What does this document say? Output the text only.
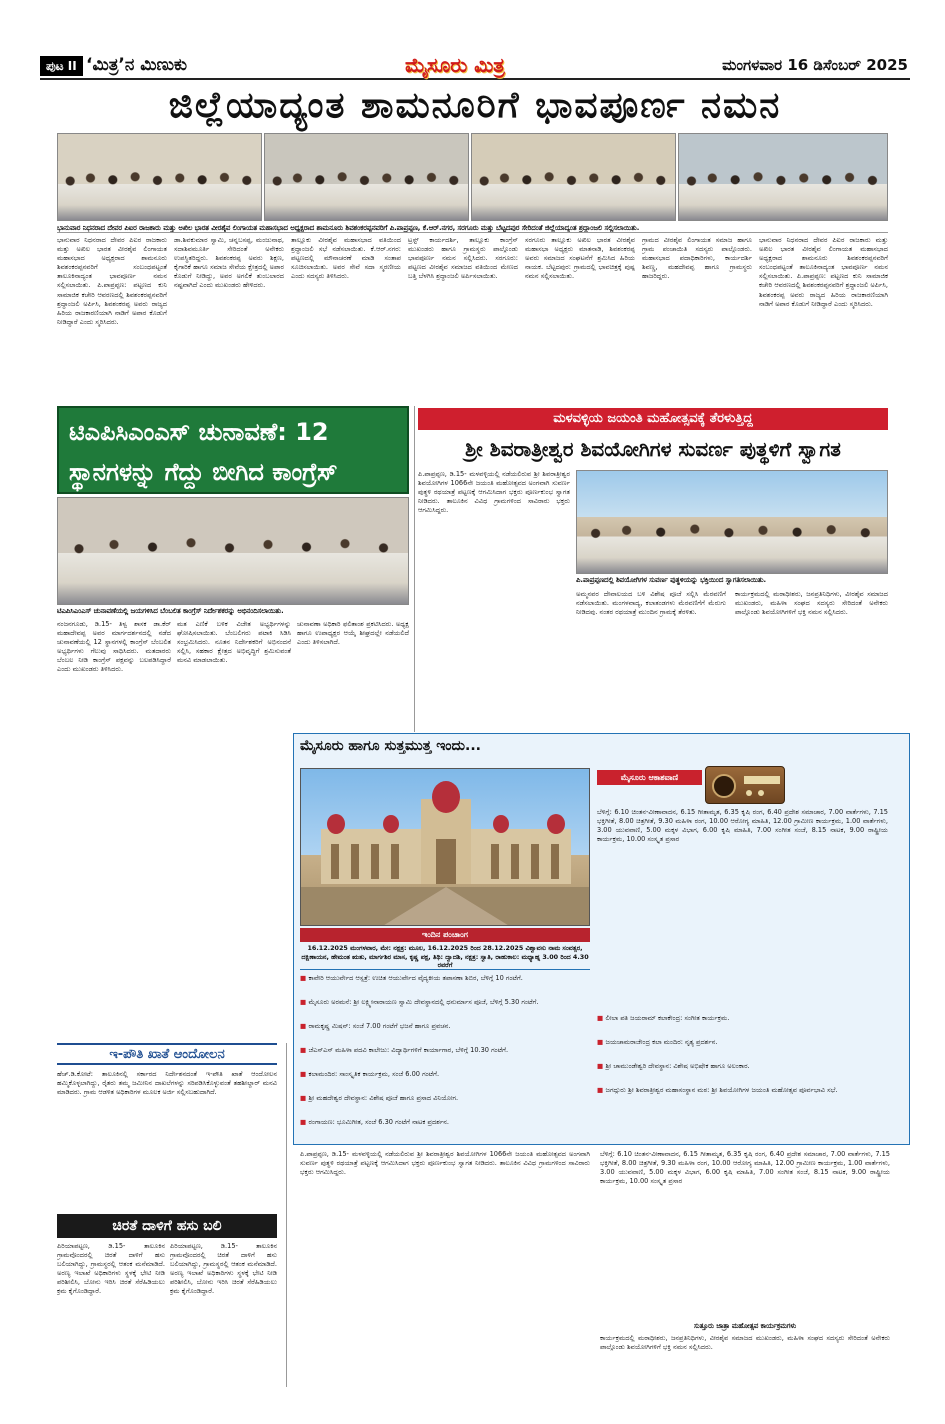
ಪುಟ II ‘ಮಿತ್ರ’ನ ಮಿಣುಕು	ಮೈಸೂರು ಮಿತ್ರ	ಮಂಗಳವಾರ 16 ಡಿಸೆಂಬರ್ 2025
ಜಿಲ್ಲೆಯಾದ್ಯಂತ ಶಾಮನೂರಿಗೆ ಭಾವಪೂರ್ಣ ನಮನ
ಭಾನುವಾರ ನಿಧನರಾದ ದೇವರ ಪಿಐರ ರಾಜಕಾರು ಮತ್ತು ಅಖಿಲ ಭಾರತ ವೀರಶೈವ ಲಿಂಗಾಯತ ಮಹಾಸಭಾದ ಅಧ್ಯಕ್ಷರಾದ ಶಾಮನೂರು ಶಿವಶಂಕರಪ್ಪನವರಿಗೆ ಪಿ.ಪಾಪ್ರಪ್ಪಣ, ಕೆ.ಆರ್.ನಗರ, ಸರಗೂರು ಮತ್ತು ಬೆಟ್ಟದಪುರ ಸೇರಿದಂತೆ ಜಿಲ್ಲೆಯಾದ್ಯಂತ ಶ್ರದ್ಧಾಂಜಲಿ ಸಲ್ಲಿಸಲಾಯಿತು.
ಭಾನುವಾರ ನಿಧನರಾದ ದೇವರ ಪಿಐರ ರಾಜಕಾರು ಮತ್ತು ಅಖಿಲ ಭಾರತ ವೀರಶೈವ ಲಿಂಗಾಯತ ಮಹಾಸಭಾದ ಅಧ್ಯಕ್ಷರಾದ ಶಾಮನೂರು ಶಿವಶಂಕರಪ್ಪನವರಿಗೆ ಸಂಬಂಧಪಟ್ಟಂತೆ ತಾಲೂಕಿನಾದ್ಯಂತ ಭಾವಪೂರ್ಣ ನಮನ ಸಲ್ಲಿಸಲಾಯಿತು. ಪಿ.ಪಾಪ್ರಪ್ಪಣ: ಪಟ್ಟಣದ ಕುನಿ ಸಾಮಾಜಿಕ ಕಚೇರಿ ಆವರಣದಲ್ಲಿ ಶಿವಶಂಕರಪ್ಪನವರಿಗೆ ಶ್ರದ್ಧಾಂಜಲಿ ಅರ್ಪಿಸಿ, ಶಿವಶಂಕರಪ್ಪ ಅವರು ರಾಜ್ಯದ ಹಿರಿಯ ರಾಜಕಾರಣಿಯಾಗಿ ನಾಡಿಗೆ ಅಪಾರ ಕೊಡುಗೆ ನೀಡಿದ್ದಾರೆ ಎಂದು ಸ್ಮರಿಸಿದರು.
ಡಾ.ಶಿವಕುಮಾರ ಸ್ವಾಮಿ, ಚನ್ನಬಸಪ್ಪ, ಮಂಜುನಾಥ, ಸದಾಶಿವಮೂರ್ತಿ ಸೇರಿದಂತೆ ಅನೇಕರು ಉಪಸ್ಥಿತರಿದ್ದರು. ಶಿವಶಂಕರಪ್ಪ ಅವರು ಶಿಕ್ಷಣ, ಕೈಗಾರಿಕೆ ಹಾಗೂ ಸಮಾಜ ಸೇವೆಯ ಕ್ಷೇತ್ರದಲ್ಲಿ ಅಪಾರ ಕೊಡುಗೆ ನೀಡಿದ್ದು, ಅವರ ಅಗಲಿಕೆ ತುಂಬಲಾರದ ನಷ್ಟವಾಗಿದೆ ಎಂದು ಮುಖಂಡರು ಹೇಳಿದರು.
ತಾಲ್ಲೂಕು ವೀರಶೈವ ಮಹಾಸಭಾದ ವತಿಯಿಂದ ಶ್ರದ್ಧಾಂಜಲಿ ಸಭೆ ನಡೆಸಲಾಯಿತು. ಕೆ.ಆರ್.ನಗರ: ಪಟ್ಟಣದಲ್ಲಿ ಮೌನಾಚರಣೆ ಮಾಡಿ ಸಂತಾಪ ಸೂಚಿಸಲಾಯಿತು. ಅವರ ಸೇವೆ ಸದಾ ಸ್ಮರಣೀಯ ಎಂದು ಸದಸ್ಯರು ತಿಳಿಸಿದರು.
ಟ್ರಸ್ಟ್ ಕಾರ್ಯದರ್ಶಿ, ತಾಲ್ಲೂಕು ಕಾಂಗ್ರೆಸ್ ಮುಖಂಡರು ಹಾಗೂ ಗ್ರಾಮಸ್ಥರು ಪಾಲ್ಗೊಂಡು ಭಾವಪೂರ್ಣ ನಮನ ಸಲ್ಲಿಸಿದರು. ಸರಗೂರು: ಪಟ್ಟಣದ ವೀರಶೈವ ಸಮಾಜದ ವತಿಯಿಂದ ಮೇಣದ ಬತ್ತಿ ಬೆಳಗಿಸಿ ಶ್ರದ್ಧಾಂಜಲಿ ಅರ್ಪಿಸಲಾಯಿತು.
ಸರಗೂರು ತಾಲ್ಲೂಕು ಅಖಿಲ ಭಾರತ ವೀರಶೈವ ಮಹಾಸಭಾ ಅಧ್ಯಕ್ಷರು ಮಾತನಾಡಿ, ಶಿವಶಂಕರಪ್ಪ ಅವರು ಸಮಾಜದ ಸಂಘಟನೆಗೆ ಶ್ರಮಿಸಿದ ಹಿರಿಯ ನಾಯಕ. ಬೆಟ್ಟದಪುರ: ಗ್ರಾಮದಲ್ಲಿ ಭಾವಚಿತ್ರಕ್ಕೆ ಪುಷ್ಪ ನಮನ ಸಲ್ಲಿಸಲಾಯಿತು.
ಗ್ರಾಮದ ವೀರಶೈವ ಲಿಂಗಾಯತ ಸಮಾಜ ಹಾಗೂ ಗ್ರಾಮ ಪಂಚಾಯಿತಿ ಸದಸ್ಯರು ಪಾಲ್ಗೊಂಡರು. ಮಹಾಸಭಾದ ಪದಾಧಿಕಾರಿಗಳು, ಕಾರ್ಯದರ್ಶಿ ಶಿವಣ್ಣ, ಮಹದೇವಪ್ಪ ಹಾಗೂ ಗ್ರಾಮಸ್ಥರು ಹಾಜರಿದ್ದರು.
ಭಾನುವಾರ ನಿಧನರಾದ ದೇವರ ಪಿಐರ ರಾಜಕಾರು ಮತ್ತು ಅಖಿಲ ಭಾರತ ವೀರಶೈವ ಲಿಂಗಾಯತ ಮಹಾಸಭಾದ ಅಧ್ಯಕ್ಷರಾದ ಶಾಮನೂರು ಶಿವಶಂಕರಪ್ಪನವರಿಗೆ ಸಂಬಂಧಪಟ್ಟಂತೆ ತಾಲೂಕಿನಾದ್ಯಂತ ಭಾವಪೂರ್ಣ ನಮನ ಸಲ್ಲಿಸಲಾಯಿತು. ಪಿ.ಪಾಪ್ರಪ್ಪಣ: ಪಟ್ಟಣದ ಕುನಿ ಸಾಮಾಜಿಕ ಕಚೇರಿ ಆವರಣದಲ್ಲಿ ಶಿವಶಂಕರಪ್ಪನವರಿಗೆ ಶ್ರದ್ಧಾಂಜಲಿ ಅರ್ಪಿಸಿ, ಶಿವಶಂಕರಪ್ಪ ಅವರು ರಾಜ್ಯದ ಹಿರಿಯ ರಾಜಕಾರಣಿಯಾಗಿ ನಾಡಿಗೆ ಅಪಾರ ಕೊಡುಗೆ ನೀಡಿದ್ದಾರೆ ಎಂದು ಸ್ಮರಿಸಿದರು.
ಟಿಎಪಿಸಿಎಂಎಸ್ ಚುನಾವಣೆ: 12 ಸ್ಥಾನಗಳನ್ನು ಗೆದ್ದು ಬೀಗಿದ ಕಾಂಗ್ರೆಸ್
ಟಿಎಪಿಸಿಎಂಎಸ್ ಚುನಾವಣೆಯಲ್ಲಿ ಜಯಗಳಿಸಿದ ಬೆಂಬಲಿತ ಕಾಂಗ್ರೆಸ್ ನಿರ್ದೇಶಕರನ್ನು ಅಭಿನಂದಿಸಲಾಯಿತು.
ನಂಜನಗೂಡು, ಡಿ.15- ತಿಳ್ವ ಶಾಸಕ ಡಾ.ಕೆರ್ ಮಹಾದೇವಪ್ಪ ಅವರ ಮಾರ್ಗದರ್ಶನದಲ್ಲಿ ನಡೆದ ಚುನಾವಣೆಯಲ್ಲಿ 12 ಸ್ಥಾನಗಳಲ್ಲಿ ಕಾಂಗ್ರೆಸ್ ಬೆಂಬಲಿತ ಅಭ್ಯರ್ಥಿಗಳು ಗೆಲುವು ಸಾಧಿಸಿದರು. ಮತದಾರರು ಬೆಂಬಲ ನೀಡಿ ಕಾಂಗ್ರೆಸ್ ಪಕ್ಷವನ್ನು ಬಲಪಡಿಸಿದ್ದಾರೆ ಎಂದು ಮುಖಂಡರು ತಿಳಿಸಿದರು.
ಮತ ಎಣಿಕೆ ಬಳಿಕ ವಿಜೇತ ಅಭ್ಯರ್ಥಿಗಳನ್ನು ಘೋಷಿಸಲಾಯಿತು. ಬೆಂಬಲಿಗರು ಪಟಾಕಿ ಸಿಡಿಸಿ ಸಂಭ್ರಮಿಸಿದರು. ನೂತನ ನಿರ್ದೇಶಕರಿಗೆ ಅಭಿನಂದನೆ ಸಲ್ಲಿಸಿ, ಸಹಕಾರ ಕ್ಷೇತ್ರದ ಅಭಿವೃದ್ಧಿಗೆ ಶ್ರಮಿಸುವಂತೆ ಮನವಿ ಮಾಡಲಾಯಿತು.
ಚುನಾವಣಾ ಅಧಿಕಾರಿ ಫಲಿತಾಂಶ ಪ್ರಕಟಿಸಿದರು. ಅಧ್ಯಕ್ಷ ಹಾಗೂ ಉಪಾಧ್ಯಕ್ಷರ ಆಯ್ಕೆ ಶೀಘ್ರದಲ್ಲೇ ನಡೆಯಲಿದೆ ಎಂದು ತಿಳಿಸಲಾಗಿದೆ.
ಇ-ಪೌತಿ ಖಾತೆ ಆಂದೋಲನ
ಹೆಚ್.ಡಿ.ಕೋಟೆ: ತಾಲೂಕಿನಲ್ಲಿ ಸರ್ಕಾರದ ನಿರ್ದೇಶನದಂತೆ ಇ-ಪೌತಿ ಖಾತೆ ಆಂದೋಲನ ಹಮ್ಮಿಕೊಳ್ಳಲಾಗಿದ್ದು, ರೈತರು ತಮ್ಮ ಜಮೀನಿನ ದಾಖಲೆಗಳನ್ನು ಸರಿಪಡಿಸಿಕೊಳ್ಳುವಂತೆ ತಹಶೀಲ್ದಾರ್ ಮನವಿ ಮಾಡಿದರು. ಗ್ರಾಮ ಆಡಳಿತ ಅಧಿಕಾರಿಗಳ ಮೂಲಕ ಅರ್ಜಿ ಸಲ್ಲಿಸಬಹುದಾಗಿದೆ.
ಚಿರತೆ ದಾಳಿಗೆ ಹಸು ಬಲಿ
ಪಿರಿಯಾಪಟ್ಟಣ, ಡಿ.15- ತಾಲೂಕಿನ ಗ್ರಾಮವೊಂದರಲ್ಲಿ ಚಿರತೆ ದಾಳಿಗೆ ಹಸು ಬಲಿಯಾಗಿದ್ದು, ಗ್ರಾಮಸ್ಥರಲ್ಲಿ ಆತಂಕ ಮನೆಮಾಡಿದೆ. ಅರಣ್ಯ ಇಲಾಖೆ ಅಧಿಕಾರಿಗಳು ಸ್ಥಳಕ್ಕೆ ಭೇಟಿ ನೀಡಿ ಪರಿಶೀಲಿಸಿ, ಬೋನು ಇರಿಸಿ ಚಿರತೆ ಸೆರೆಹಿಡಿಯಲು ಕ್ರಮ ಕೈಗೊಂಡಿದ್ದಾರೆ.
ಪಿರಿಯಾಪಟ್ಟಣ, ಡಿ.15- ತಾಲೂಕಿನ ಗ್ರಾಮವೊಂದರಲ್ಲಿ ಚಿರತೆ ದಾಳಿಗೆ ಹಸು ಬಲಿಯಾಗಿದ್ದು, ಗ್ರಾಮಸ್ಥರಲ್ಲಿ ಆತಂಕ ಮನೆಮಾಡಿದೆ. ಅರಣ್ಯ ಇಲಾಖೆ ಅಧಿಕಾರಿಗಳು ಸ್ಥಳಕ್ಕೆ ಭೇಟಿ ನೀಡಿ ಪರಿಶೀಲಿಸಿ, ಬೋನು ಇರಿಸಿ ಚಿರತೆ ಸೆರೆಹಿಡಿಯಲು ಕ್ರಮ ಕೈಗೊಂಡಿದ್ದಾರೆ.
ಮಳವಳ್ಳಿಯ ಜಯಂತಿ ಮಹೋತ್ಸವಕ್ಕೆ ತೆರಳುತ್ತಿದ್ದ
ಶ್ರೀ ಶಿವರಾತ್ರೀಶ್ವರ ಶಿವಯೋಗಿಗಳ ಸುವರ್ಣ ಪುತ್ಥಳಿಗೆ ಸ್ವಾಗತ
ಪಿ.ಪಾಪ್ರಪ್ಪಣ, ಡಿ.15- ಮಳವಳ್ಳಿಯಲ್ಲಿ ನಡೆಯಲಿರುವ ಶ್ರೀ ಶಿವರಾತ್ರೀಶ್ವರ ಶಿವಯೋಗಿಗಳ 1066ನೇ ಜಯಂತಿ ಮಹೋತ್ಸವದ ಅಂಗವಾಗಿ ಸುವರ್ಣ ಪುತ್ಥಳಿ ರಥಯಾತ್ರೆ ಪಟ್ಟಣಕ್ಕೆ ಆಗಮಿಸಿದಾಗ ಭಕ್ತರು ಪೂರ್ಣಕುಂಭ ಸ್ವಾಗತ ನೀಡಿದರು. ತಾಲೂಕಿನ ವಿವಿಧ ಗ್ರಾಮಗಳಿಂದ ಸಾವಿರಾರು ಭಕ್ತರು ಆಗಮಿಸಿದ್ದರು.
ಪಿ.ಪಾಪ್ರಪ್ಪಣದಲ್ಲಿ ಶಿವಯೋಗಿಗಳ ಸುವರ್ಣ ಪುತ್ಥಳಿಯನ್ನು ಭಕ್ತಿಯಿಂದ ಸ್ವಾಗತಿಸಲಾಯಿತು.
ಅಮ್ಮನವರ ದೇವಾಲಯದ ಬಳಿ ವಿಶೇಷ ಪೂಜೆ ಸಲ್ಲಿಸಿ ಮೆರವಣಿಗೆ ನಡೆಸಲಾಯಿತು. ಮಂಗಳವಾದ್ಯ, ಕಲಾತಂಡಗಳು ಮೆರವಣಿಗೆಗೆ ಮೆರುಗು ನೀಡಿದವು. ನಂತರ ರಥಯಾತ್ರೆ ಮುಂದಿನ ಗ್ರಾಮಕ್ಕೆ ತೆರಳಿತು.
ಕಾರ್ಯಕ್ರಮದಲ್ಲಿ ಮಠಾಧೀಶರು, ಜನಪ್ರತಿನಿಧಿಗಳು, ವೀರಶೈವ ಸಮಾಜದ ಮುಖಂಡರು, ಮಹಿಳಾ ಸಂಘದ ಸದಸ್ಯರು ಸೇರಿದಂತೆ ಅನೇಕರು ಪಾಲ್ಗೊಂಡು ಶಿವಯೋಗಿಗಳಿಗೆ ಭಕ್ತಿ ನಮನ ಸಲ್ಲಿಸಿದರು.
ಮೈಸೂರು ಹಾಗೂ ಸುತ್ತಮುತ್ತ ಇಂದು...
ಇಂದಿನ ಪಂಚಾಂಗ
16.12.2025 ಮಂಗಳವಾರ, ಮೇ: ನಕ್ಷತ್ರ: ಮೂಲ, 16.12.2025 ರಿಂದ 28.12.2025 ವಿಶ್ವಾವಸು ನಾಮ ಸಂವತ್ಸರ, ದಕ್ಷಿಣಾಯನ, ಹೇಮಂತ ಋತು, ಮಾರ್ಗಶಿರ ಮಾಸ, ಕೃಷ್ಣ ಪಕ್ಷ, ತಿಥಿ: ದ್ವಾದಶಿ, ನಕ್ಷತ್ರ: ಸ್ವಾತಿ, ರಾಹುಕಾಲ: ಮಧ್ಯಾಹ್ನ 3.00 ರಿಂದ 4.30 ರವರೆಗೆ
■ ಕಾವೇರಿ ಆಯುರ್ವೇದ ಆಸ್ಪತ್ರೆ: ಉಚಿತ ಆಯುರ್ವೇದ ವೈದ್ಯಕೀಯ ತಪಾಸಣಾ ಶಿಬಿರ, ಬೆಳಿಗ್ಗೆ 10 ಗಂಟೆಗೆ.
■ ಮೈಸೂರು ಅರಮನೆ: ಶ್ರೀ ಲಕ್ಷ್ಮೀನಾರಾಯಣ ಸ್ವಾಮಿ ದೇವಸ್ಥಾನದಲ್ಲಿ ಧನುರ್ಮಾಸ ಪೂಜೆ, ಬೆಳಿಗ್ಗೆ 5.30 ಗಂಟೆಗೆ.
■ ರಾಮಕೃಷ್ಣ ಮಿಷನ್: ಸಂಜೆ 7.00 ಗಂಟೆಗೆ ಭಜನೆ ಹಾಗೂ ಪ್ರವಚನ.
■ ಜೆಎಸ್‌ಎಸ್ ಮಹಿಳಾ ಪದವಿ ಕಾಲೇಜು: ವಿದ್ಯಾರ್ಥಿಗಳಿಗೆ ಕಾರ್ಯಾಗಾರ, ಬೆಳಿಗ್ಗೆ 10.30 ಗಂಟೆಗೆ.
■ ಕಲಾಮಂದಿರ: ಸಾಂಸ್ಕೃತಿಕ ಕಾರ್ಯಕ್ರಮ, ಸಂಜೆ 6.00 ಗಂಟೆಗೆ.
■ ಶ್ರೀ ಮಹದೇಶ್ವರ ದೇವಸ್ಥಾನ: ವಿಶೇಷ ಪೂಜೆ ಹಾಗೂ ಪ್ರಸಾದ ವಿನಿಯೋಗ.
■ ರಂಗಾಯಣ: ಭೂಮಿಗೀತ, ಸಂಜೆ 6.30 ಗಂಟೆಗೆ ನಾಟಕ ಪ್ರದರ್ಶನ.
ಮೈಸೂರು ಆಕಾಶವಾಣಿ
ಬೆಳಿಗ್ಗೆ: 6.10 ಚಿಂತನ-ವೀಣಾವಾದನ, 6.15 ಗೀತಾಮೃತ, 6.35 ಕೃಷಿ ರಂಗ, 6.40 ಪ್ರದೇಶ ಸಮಾಚಾರ, 7.00 ವಾರ್ತೆಗಳು, 7.15 ಭಕ್ತಿಗೀತೆ, 8.00 ಚಿತ್ರಗೀತೆ, 9.30 ಮಹಿಳಾ ರಂಗ, 10.00 ಆರೋಗ್ಯ ಮಾಹಿತಿ, 12.00 ಗ್ರಾಮೀಣ ಕಾರ್ಯಕ್ರಮ, 1.00 ವಾರ್ತೆಗಳು, 3.00 ಯುವವಾಣಿ, 5.00 ಮಕ್ಕಳ ವಿಭಾಗ, 6.00 ಕೃಷಿ ಮಾಹಿತಿ, 7.00 ಸಂಗೀತ ಸಂಜೆ, 8.15 ನಾಟಕ, 9.00 ರಾಷ್ಟ್ರೀಯ ಕಾರ್ಯಕ್ರಮ, 10.00 ಸಂಸ್ಕೃತ ಪ್ರಸಾರ
■ ಲೀಲಾ ಪತಿ ಜಯರಾಮ್ ಕಲಾಕೇಂದ್ರ: ಸಂಗೀತ ಕಾರ್ಯಕ್ರಮ.
■ ಜಯಚಾಮರಾಜೇಂದ್ರ ಕಲಾ ಮಂದಿರ: ನೃತ್ಯ ಪ್ರದರ್ಶನ.
■ ಶ್ರೀ ಚಾಮುಂಡೇಶ್ವರಿ ದೇವಸ್ಥಾನ: ವಿಶೇಷ ಅಭಿಷೇಕ ಹಾಗೂ ಅಲಂಕಾರ.
■ ಜಗದ್ಗುರು ಶ್ರೀ ಶಿವರಾತ್ರೀಶ್ವರ ಮಹಾಸಂಸ್ಥಾನ ಮಠ: ಶ್ರೀ ಶಿವಯೋಗಿಗಳ ಜಯಂತಿ ಮಹೋತ್ಸವ ಪೂರ್ವಭಾವಿ ಸಭೆ.
ಸುತ್ತೂರು ಜಾತ್ರಾ ಮಹೋತ್ಸವ ಕಾರ್ಯಕ್ರಮಗಳು
ಬೆಳಿಗ್ಗೆ: 6.10 ಚಿಂತನ-ವೀಣಾವಾದನ, 6.15 ಗೀತಾಮೃತ, 6.35 ಕೃಷಿ ರಂಗ, 6.40 ಪ್ರದೇಶ ಸಮಾಚಾರ, 7.00 ವಾರ್ತೆಗಳು, 7.15 ಭಕ್ತಿಗೀತೆ, 8.00 ಚಿತ್ರಗೀತೆ, 9.30 ಮಹಿಳಾ ರಂಗ, 10.00 ಆರೋಗ್ಯ ಮಾಹಿತಿ, 12.00 ಗ್ರಾಮೀಣ ಕಾರ್ಯಕ್ರಮ, 1.00 ವಾರ್ತೆಗಳು, 3.00 ಯುವವಾಣಿ, 5.00 ಮಕ್ಕಳ ವಿಭಾಗ, 6.00 ಕೃಷಿ ಮಾಹಿತಿ, 7.00 ಸಂಗೀತ ಸಂಜೆ, 8.15 ನಾಟಕ, 9.00 ರಾಷ್ಟ್ರೀಯ ಕಾರ್ಯಕ್ರಮ, 10.00 ಸಂಸ್ಕೃತ ಪ್ರಸಾರ
ಕಾರ್ಯಕ್ರಮದಲ್ಲಿ ಮಠಾಧೀಶರು, ಜನಪ್ರತಿನಿಧಿಗಳು, ವೀರಶೈವ ಸಮಾಜದ ಮುಖಂಡರು, ಮಹಿಳಾ ಸಂಘದ ಸದಸ್ಯರು ಸೇರಿದಂತೆ ಅನೇಕರು ಪಾಲ್ಗೊಂಡು ಶಿವಯೋಗಿಗಳಿಗೆ ಭಕ್ತಿ ನಮನ ಸಲ್ಲಿಸಿದರು.
ಪಿ.ಪಾಪ್ರಪ್ಪಣ, ಡಿ.15- ಮಳವಳ್ಳಿಯಲ್ಲಿ ನಡೆಯಲಿರುವ ಶ್ರೀ ಶಿವರಾತ್ರೀಶ್ವರ ಶಿವಯೋಗಿಗಳ 1066ನೇ ಜಯಂತಿ ಮಹೋತ್ಸವದ ಅಂಗವಾಗಿ ಸುವರ್ಣ ಪುತ್ಥಳಿ ರಥಯಾತ್ರೆ ಪಟ್ಟಣಕ್ಕೆ ಆಗಮಿಸಿದಾಗ ಭಕ್ತರು ಪೂರ್ಣಕುಂಭ ಸ್ವಾಗತ ನೀಡಿದರು. ತಾಲೂಕಿನ ವಿವಿಧ ಗ್ರಾಮಗಳಿಂದ ಸಾವಿರಾರು ಭಕ್ತರು ಆಗಮಿಸಿದ್ದರು.
